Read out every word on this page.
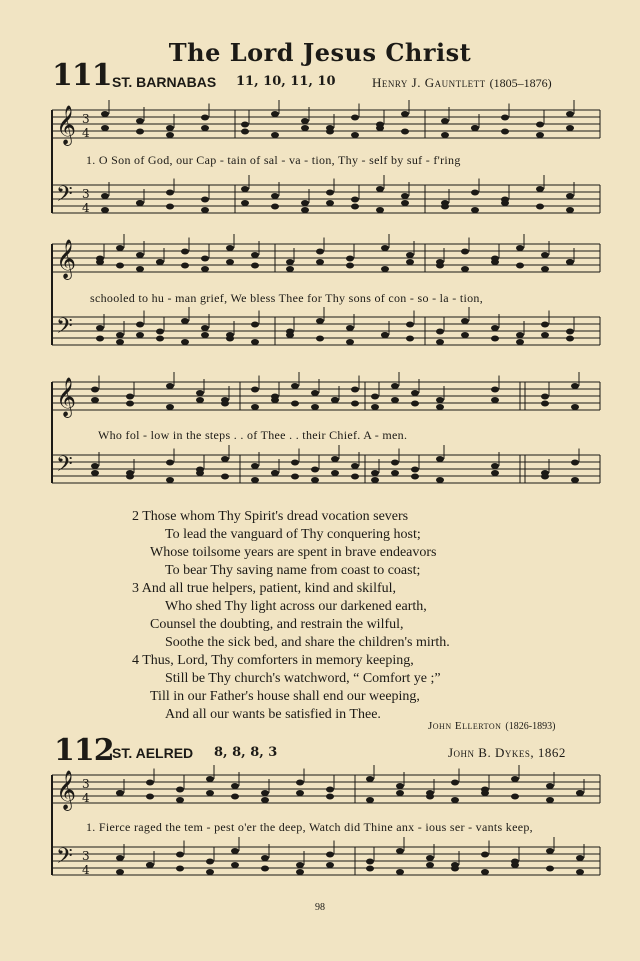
The Lord Jesus Christ
111 ST. BARNABAS 11, 10, 11, 10	Henry J. Gauntlett (1805–1876)
𝄞
𝄢
3
4
3
4
𝄞
𝄢
𝄞
𝄢
𝄞
𝄢
3
4
3
4
1. O Son of God, our Cap - tain of sal - va - tion, Thy - self by suf - f'ring
schooled to hu - man grief, We bless Thee for Thy sons of con - so - la - tion,
Who fol - low in the steps . . of Thee . . their Chief. A - men.
2 Those whom Thy Spirit's dread vocation severs
To lead the vanguard of Thy conquering host;
Whose toilsome years are spent in brave endeavors
To bear Thy saving name from coast to coast;
3 And all true helpers, patient, kind and skilful,
Who shed Thy light across our darkened earth,
Counsel the doubting, and restrain the wilful,
Soothe the sick bed, and share the children's mirth.
4 Thus, Lord, Thy comforters in memory keeping,
Still be Thy church's watchword, “ Comfort ye ;”
Till in our Father's house shall end our weeping,
And all our wants be satisfied in Thee.
John Ellerton (1826-1893)
112
ST. AELRED 8, 8, 8, 3	John B. Dykes, 1862
1. Fierce raged the tem - pest o'er the deep, Watch did Thine anx - ious ser - vants keep,
98
